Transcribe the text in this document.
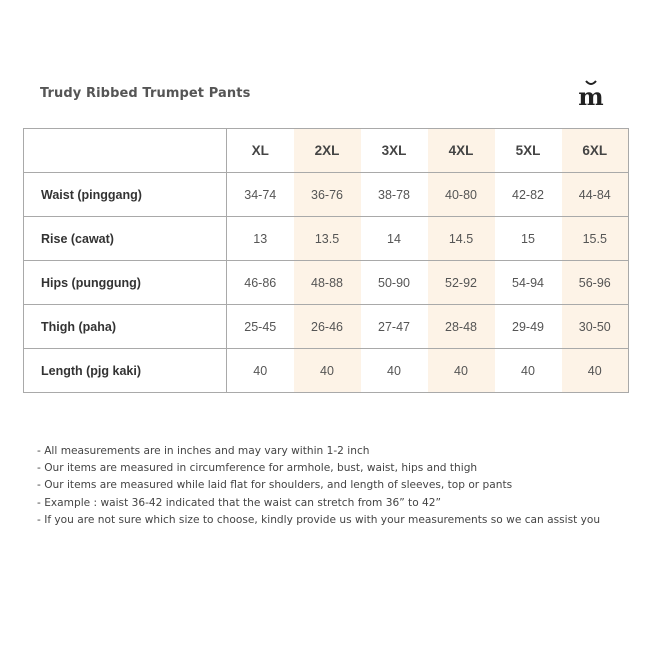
Trudy Ribbed Trumpet Pants	m
	XL	2XL	3XL	4XL	5XL	6XL
Waist (pinggang)	34-74	36-76	38-78	40-80	42-82	44-84
Rise (cawat)	13	13.5	14	14.5	15	15.5
Hips (punggung)	46-86	48-88	50-90	52-92	54-94	56-96
Thigh (paha)	25-45	26-46	27-47	28-48	29-49	30-50
Length (pjg kaki)	40	40	40	40	40	40
- All measurements are in inches and may vary within 1-2 inch
- Our items are measured in circumference for armhole, bust, waist, hips and thigh
- Our items are measured while laid flat for shoulders, and length of sleeves, top or pants
- Example : waist 36-42 indicated that the waist can stretch from 36” to 42”
- If you are not sure which size to choose, kindly provide us with your measurements so we can assist you
